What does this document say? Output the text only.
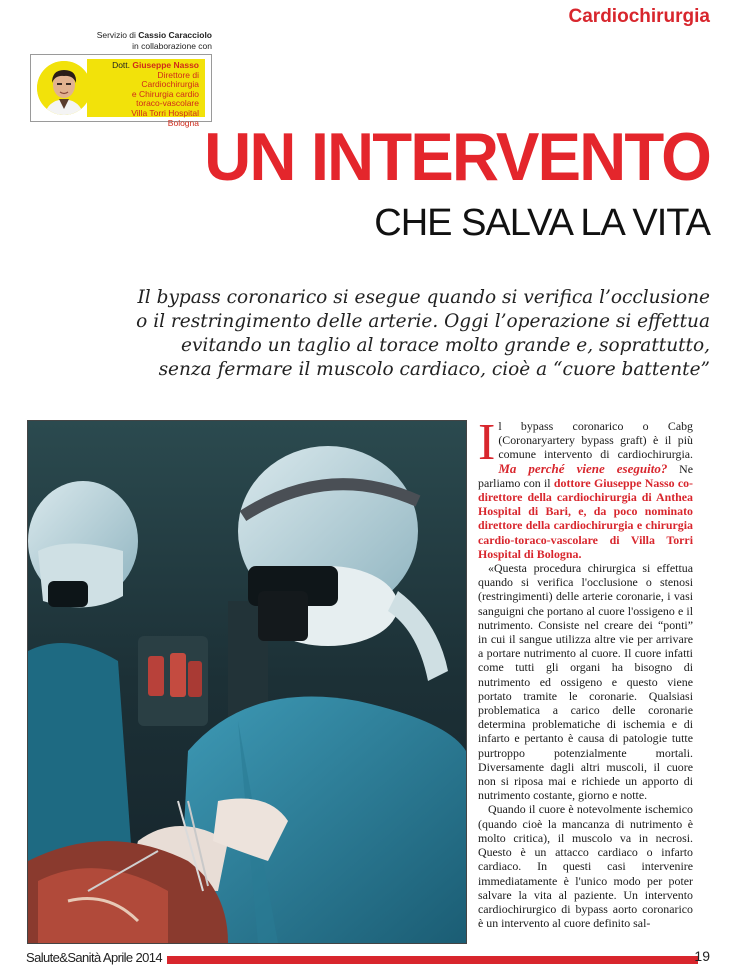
Cardiochirurgia
Servizio di Cassio Caracciolo
in collaborazione con
Dott. Giuseppe Nasso
Direttore di Cardiochirurgia
e Chirurgia cardio
toraco-vascolare
Villa Torri Hospital
Bologna UN INTERVENTO
CHE SALVA LA VITA
Il bypass coronarico si esegue quando si verifica l’occlusione
o il restringimento delle arterie. Oggi l’operazione si effettua
evitando un taglio al torace molto grande e, soprattutto,
senza fermare il muscolo cardiaco, cioè a “cuore battente”

Il bypass coronarico o Cabg (Coronaryartery bypass graft) è il più comune intervento di cardiochirurgia. Ma perché viene eseguito? Ne parliamo con il dottore Giuseppe Nasso co-direttore della cardiochirurgia di Anthea Hospital di Bari, e, da poco nominato direttore della cardiochirurgia e chirurgia cardio-toraco-vascolare di Villa Torri Hospital di Bologna.

«Questa procedura chirurgica si effettua quando si verifica l'occlusione o stenosi (restringimenti) delle arterie coronarie, i vasi sanguigni che portano al cuore l'ossigeno e il nutrimento. Consiste nel creare dei “ponti” in cui il sangue utilizza altre vie per arrivare a portare nutrimento al cuore. Il cuore infatti come tutti gli organi ha bisogno di nutrimento ed ossigeno e questo viene portato tramite le coronarie. Qualsiasi problematica a carico delle coronarie determina problematiche di ischemia e di infarto e pertanto è causa di patologie tutte purtroppo potenzialmente mortali. Diversamente dagli altri muscoli, il cuore non si riposa mai e richiede un apporto di nutrimento costante, giorno e notte.

Quando il cuore è notevolmente ischemico (quando cioè la mancanza di nutrimento è molto critica), il muscolo va in necrosi. Questo è un attacco cardiaco o infarto cardiaco. In questi casi intervenire immediatamente è l'unico modo per poter salvare la vita al paziente. Un intervento cardiochirurgico di bypass aorto coronarico è un intervento al cuore definito sal-

Salute&Sanità Aprile 2014	19
